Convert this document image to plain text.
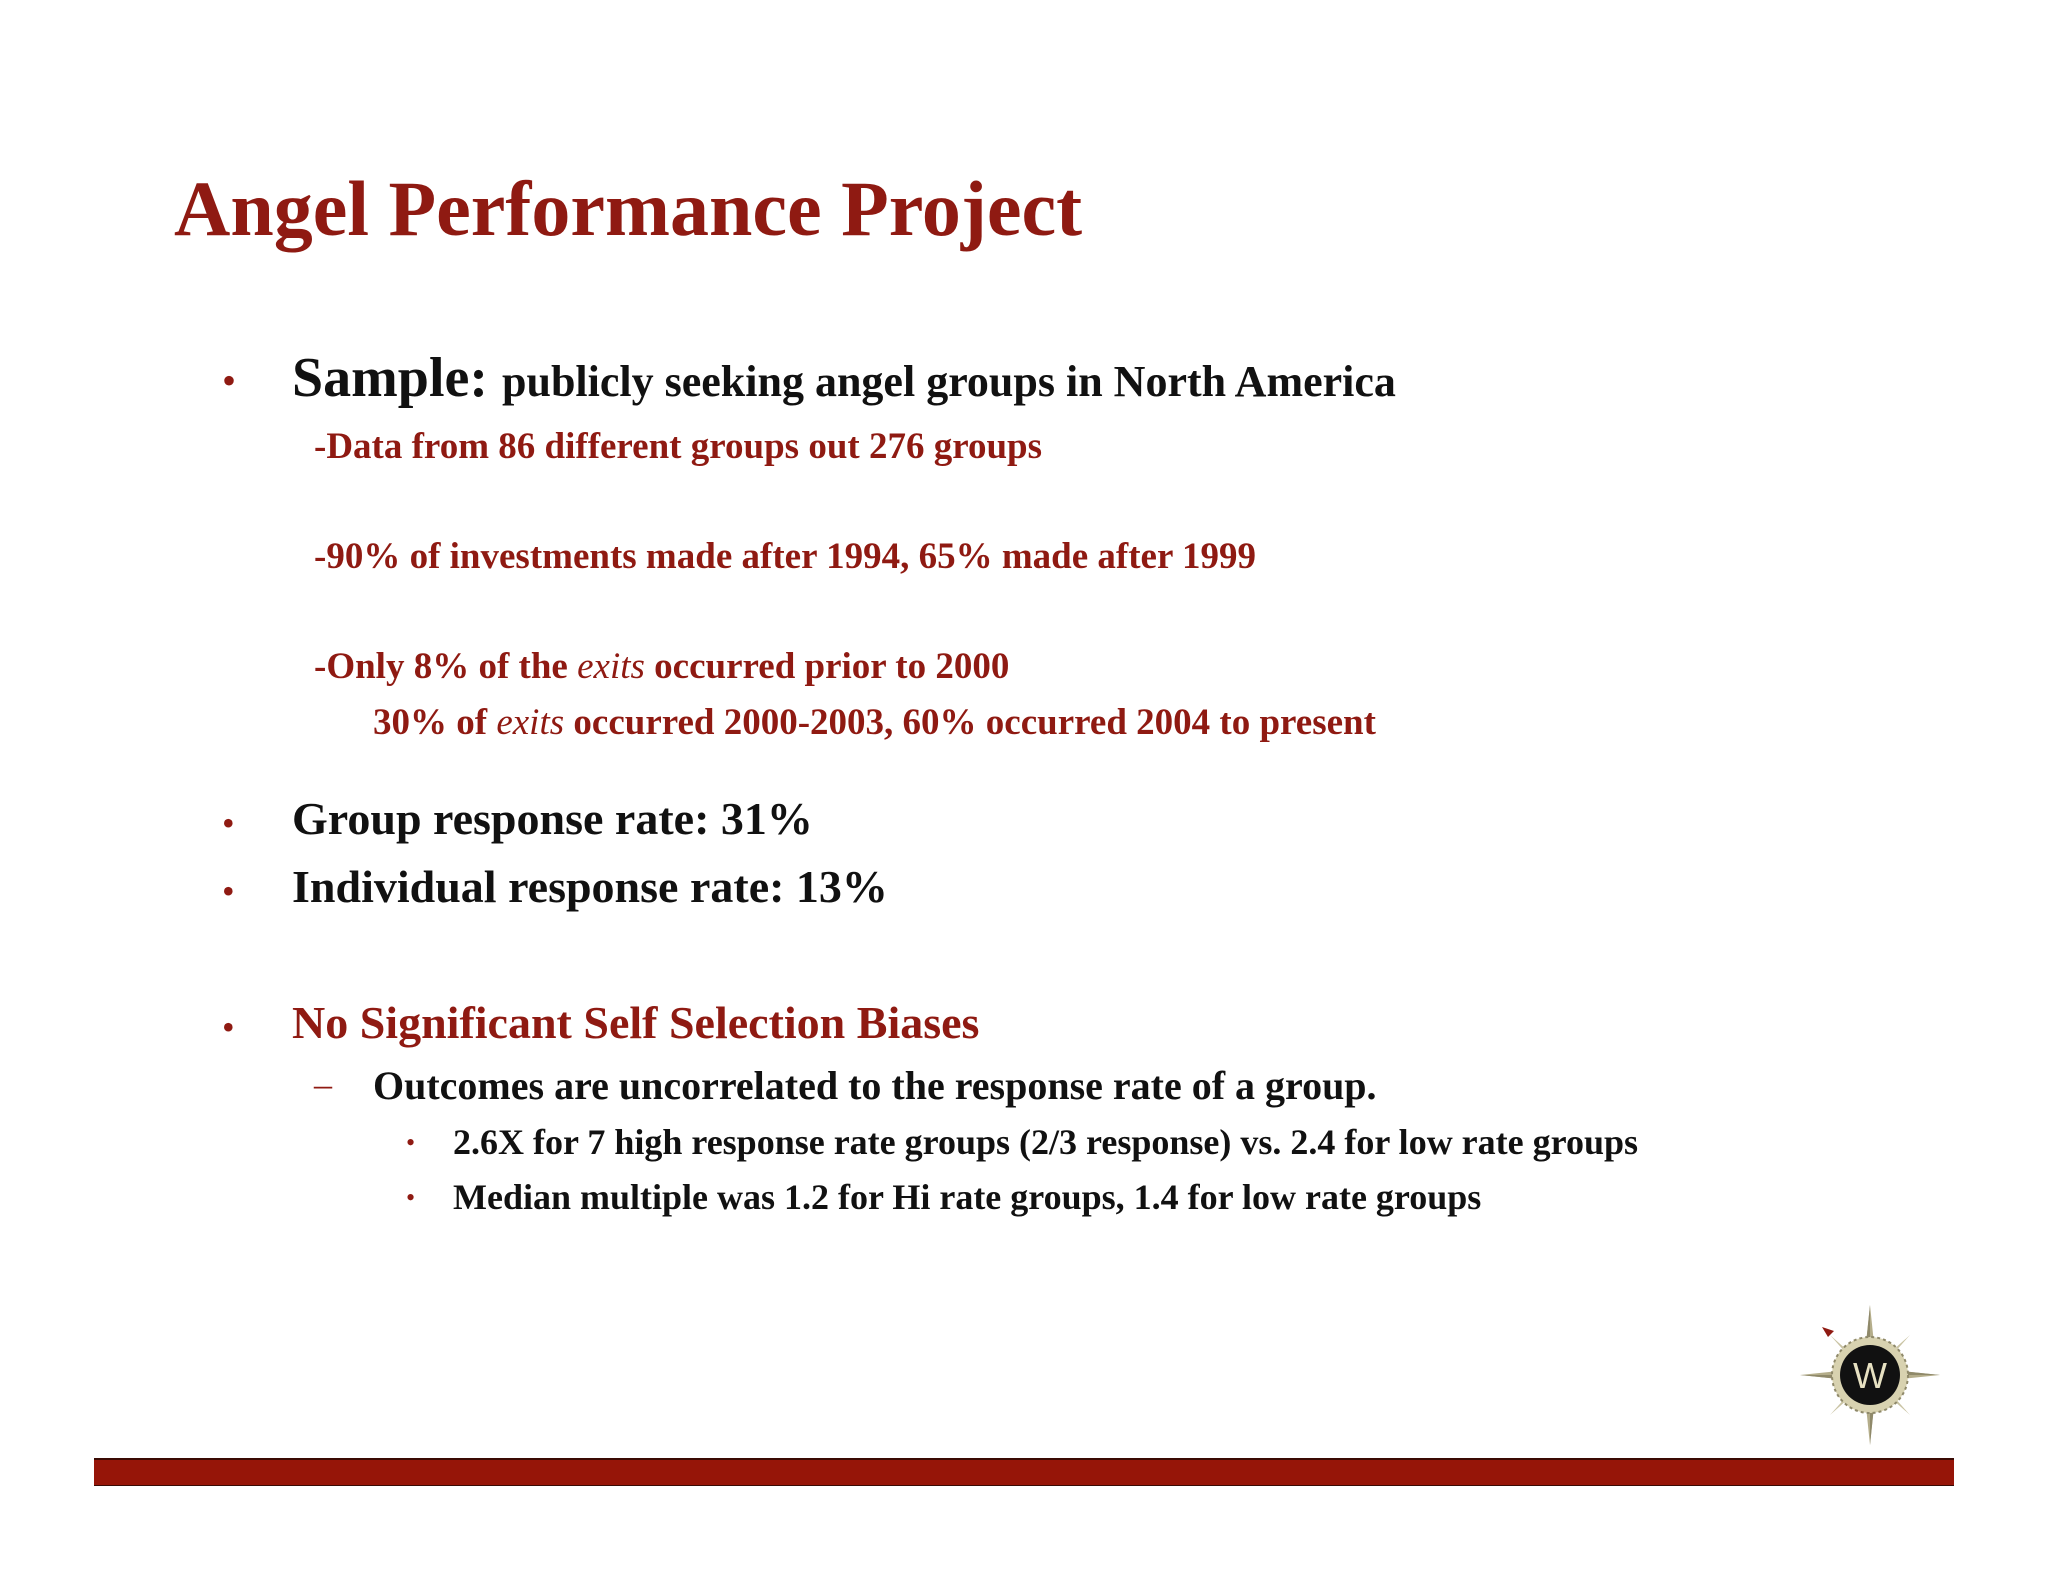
Angel Performance Project
• Sample: publicly seeking angel groups in North America
-Data from 86 different groups out 276 groups
-90% of investments made after 1994, 65% made after 1999
-Only 8% of the exits occurred prior to 2000
30% of exits occurred 2000-2003, 60% occurred 2004 to present
• Group response rate: 31%
• Individual response rate: 13%
• No Significant Self Selection Biases
– Outcomes are uncorrelated to the response rate of a group.
• 2.6X for 7 high response rate groups (2/3 response) vs. 2.4 for low rate groups
• Median multiple was 1.2 for Hi rate groups, 1.4 for low rate groups
W
